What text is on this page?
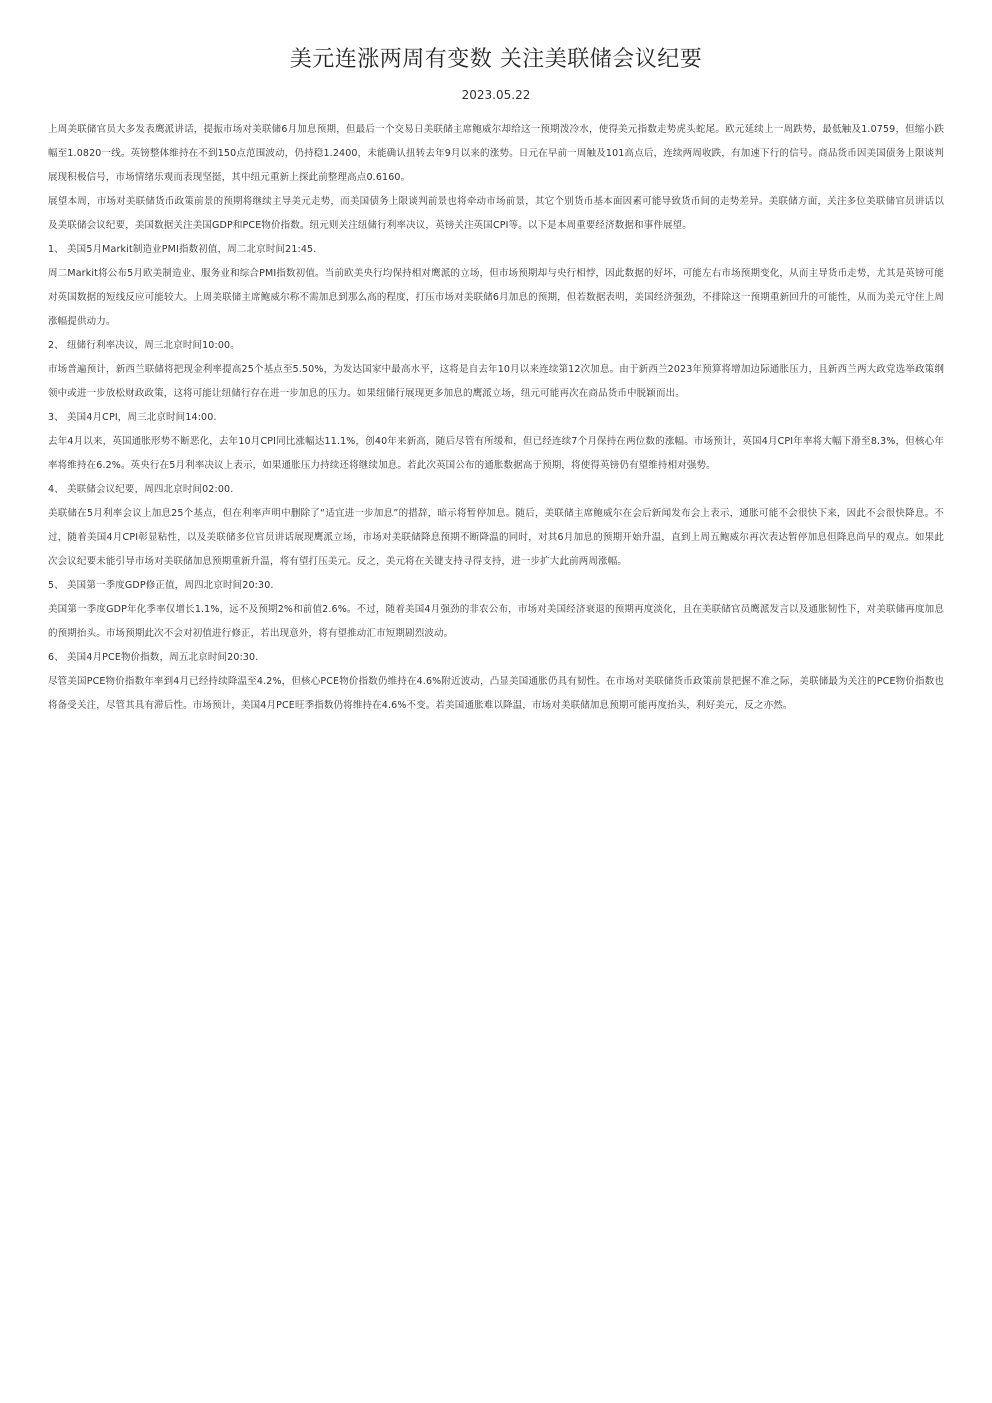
美元连涨两周有变数 关注美联储会议纪要
2023.05.22

上周美联储官员大多发表鹰派讲话，提振市场对美联储6月加息预期，但最后一个交易日美联储主席鲍威尔却给这一预期泼冷水，使得美元指数走势虎头蛇尾。欧元延续上一周跌势，最低触及1.0759，但缩小跌幅至1.0820一线。英镑整体维持在不到150点范围波动，仍持稳1.2400，未能确认扭转去年9月以来的涨势。日元在早前一周触及101高点后，连续两周收跌，有加速下行的信号。商品货币因美国债务上限谈判展现积极信号，市场情绪乐观而表现坚挺，其中纽元重新上探此前整理高点0.6160。

展望本周，市场对美联储货币政策前景的预期将继续主导美元走势，而美国债务上限谈判前景也将牵动市场前景，其它个别货币基本面因素可能导致货币间的走势差异。美联储方面，关注多位美联储官员讲话以及美联储会议纪要，美国数据关注美国GDP和PCE物价指数。纽元则关注纽储行利率决议，英镑关注英国CPI等。以下是本周重要经济数据和事件展望。

1、 美国5月Markit制造业PMI指数初值，周二北京时间21:45.

周二Markit将公布5月欧美制造业、服务业和综合PMI指数初值。当前欧美央行均保持相对鹰派的立场，但市场预期却与央行相悖，因此数据的好坏，可能左右市场预期变化，从而主导货币走势，尤其是英镑可能对英国数据的短线反应可能较大。上周美联储主席鲍威尔称不需加息到那么高的程度，打压市场对美联储6月加息的预期，但若数据表明，美国经济强劲，不排除这一预期重新回升的可能性，从而为美元守住上周涨幅提供动力。

2、 纽储行利率决议，周三北京时间10:00。

市场普遍预计，新西兰联储将把现金利率提高25个基点至5.50%，为发达国家中最高水平，这将是自去年10月以来连续第12次加息。由于新西兰2023年预算将增加边际通胀压力，且新西兰两大政党选举政策纲领中或进一步放松财政政策，这将可能让纽储行存在进一步加息的压力。如果纽储行展现更多加息的鹰派立场，纽元可能再次在商品货币中脱颖而出。

3、 美国4月CPI，周三北京时间14:00.

去年4月以来，英国通胀形势不断恶化，去年10月CPI同比涨幅达11.1%，创40年来新高，随后尽管有所缓和，但已经连续7个月保持在两位数的涨幅。市场预计，英国4月CPI年率将大幅下滑至8.3%，但核心年率将维持在6.2%。英央行在5月利率决议上表示，如果通胀压力持续还将继续加息。若此次英国公布的通胀数据高于预期，将使得英镑仍有望维持相对强势。

4、 美联储会议纪要，周四北京时间02:00.

美联储在5月利率会议上加息25个基点，但在利率声明中删除了“适宜进一步加息”的措辞，暗示将暂停加息。随后，美联储主席鲍威尔在会后新闻发布会上表示，通胀可能不会很快下来，因此不会很快降息。不过，随着美国4月CPI彰显粘性，以及美联储多位官员讲话展现鹰派立场，市场对美联储降息预期不断降温的同时，对其6月加息的预期开始升温，直到上周五鲍威尔再次表达暂停加息但降息尚早的观点。如果此次会议纪要未能引导市场对美联储加息预期重新升温，将有望打压美元。反之，美元将在关键支持寻得支持，进一步扩大此前两周涨幅。

5、 美国第一季度GDP修正值，周四北京时间20:30.

美国第一季度GDP年化季率仅增长1.1%，远不及预期2%和前值2.6%。不过，随着美国4月强劲的非农公布，市场对美国经济衰退的预期再度淡化，且在美联储官员鹰派发言以及通胀韧性下，对美联储再度加息的预期抬头。市场预期此次不会对初值进行修正，若出现意外，将有望推动汇市短期剧烈波动。

6、 美国4月PCE物价指数，周五北京时间20:30.

尽管美国PCE物价指数年率到4月已经持续降温至4.2%，但核心PCE物价指数仍维持在4.6%附近波动，凸显美国通胀仍具有韧性。在市场对美联储货币政策前景把握不准之际，美联储最为关注的PCE物价指数也将备受关注，尽管其具有滞后性。市场预计，美国4月PCE旺季指数仍将维持在4.6%不变。若美国通胀难以降温，市场对美联储加息预期可能再度抬头，利好美元，反之亦然。
